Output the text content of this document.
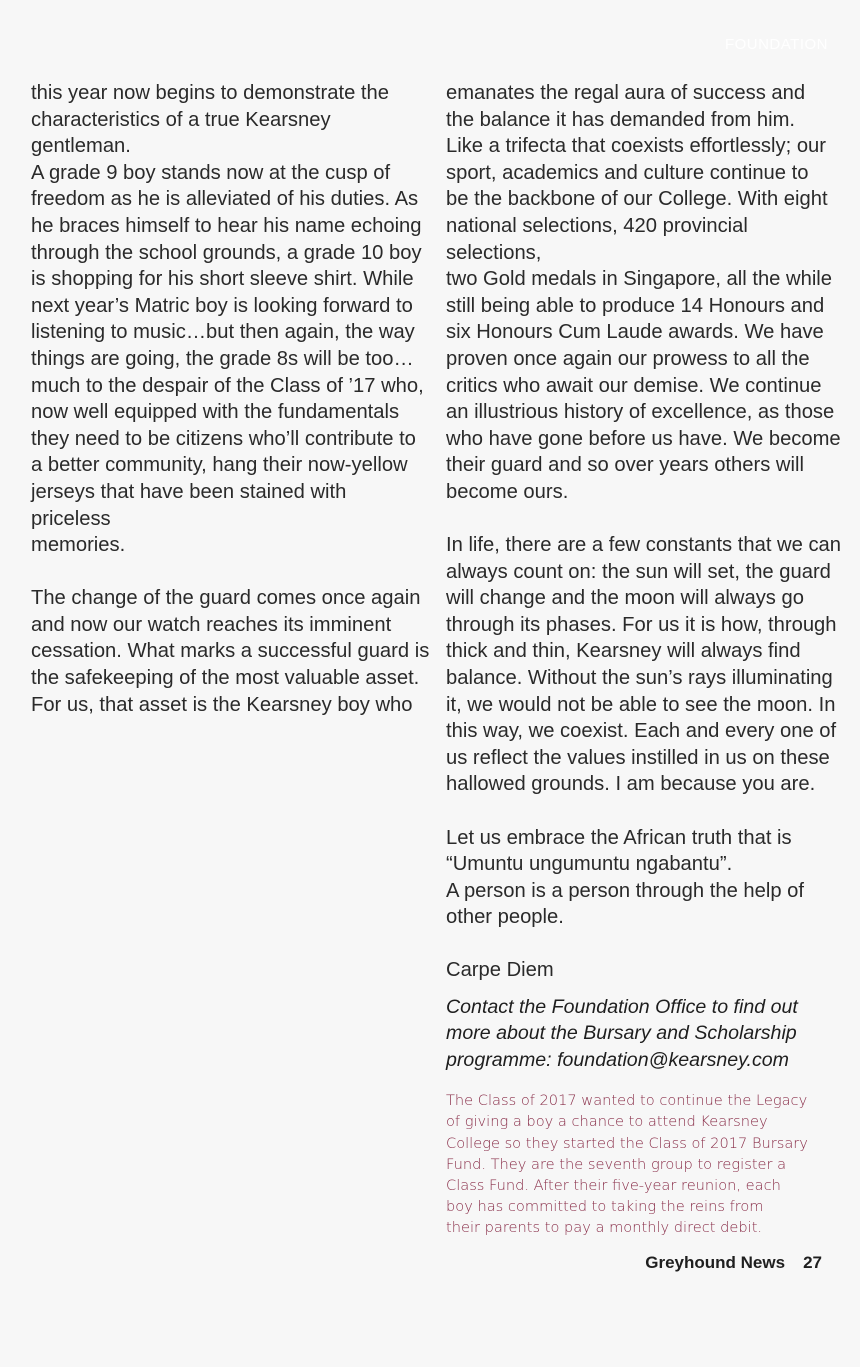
FOUNDATION

this year now begins to demonstrate the
characteristics of a true Kearsney gentleman.
A grade 9 boy stands now at the cusp of
freedom as he is alleviated of his duties. As
he braces himself to hear his name echoing
through the school grounds, a grade 10 boy
is shopping for his short sleeve shirt. While
next year’s Matric boy is looking forward to
listening to music…but then again, the way
things are going, the grade 8s will be too…
much to the despair of the Class of ’17 who,
now well equipped with the fundamentals
they need to be citizens who’ll contribute to
a better community, hang their now-yellow
jerseys that have been stained with priceless
memories.

The change of the guard comes once again
and now our watch reaches its imminent
cessation. What marks a successful guard is
the safekeeping of the most valuable asset.
For us, that asset is the Kearsney boy who

emanates the regal aura of success and
the balance it has demanded from him.
Like a trifecta that coexists effortlessly; our
sport, academics and culture continue to
be the backbone of our College. With eight
national selections, 420 provincial selections,
two Gold medals in Singapore, all the while
still being able to produce 14 Honours and
six Honours Cum Laude awards. We have
proven once again our prowess to all the
critics who await our demise. We continue
an illustrious history of excellence, as those
who have gone before us have. We become
their guard and so over years others will
become ours.

In life, there are a few constants that we can
always count on: the sun will set, the guard
will change and the moon will always go
through its phases. For us it is how, through
thick and thin, Kearsney will always find
balance. Without the sun’s rays illuminating
it, we would not be able to see the moon. In
this way, we coexist. Each and every one of
us reflect the values instilled in us on these
hallowed grounds. I am because you are.

Let us embrace the African truth that is
“Umuntu ungumuntu ngabantu”.
A person is a person through the help of
other people.

Carpe Diem

Contact the Foundation Office to find out
more about the Bursary and Scholarship
programme: foundation@kearsney.com

The Class of 2017 wanted to continue the Legacy
of giving a boy a chance to attend Kearsney
College so they started the Class of 2017 Bursary
Fund. They are the seventh group to register a
Class Fund. After their five-year reunion, each
boy has committed to taking the reins from
their parents to pay a monthly direct debit.

Greyhound News 27
